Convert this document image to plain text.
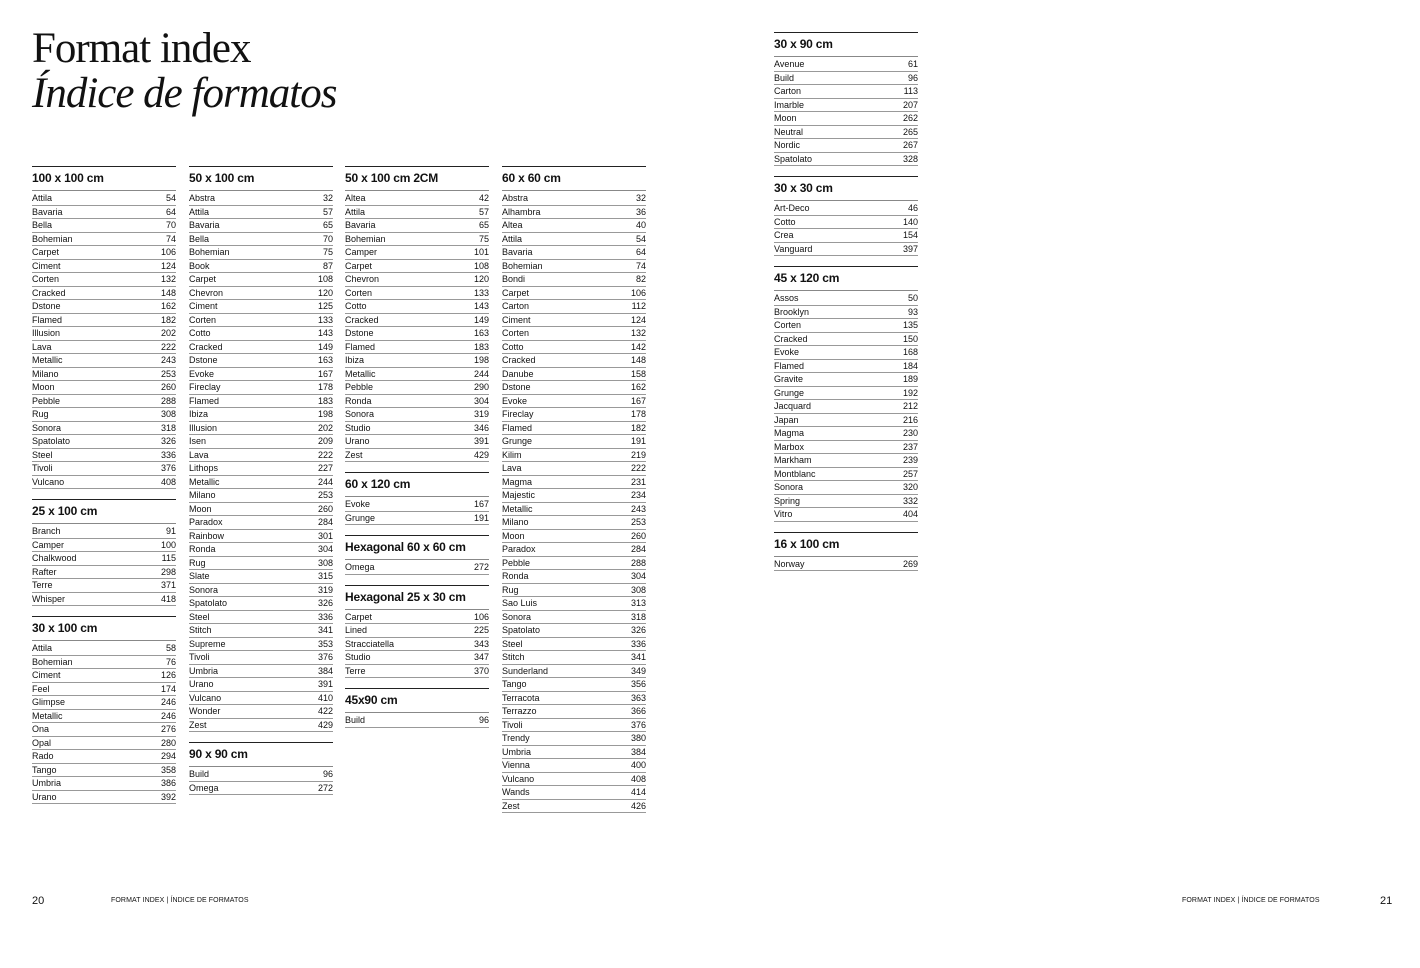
Format index
Índice de formatos
100 x 100 cm
Attila	54
Bavaria	64
Bella	70
Bohemian	74
Carpet	106
Ciment	124
Corten	132
Cracked	148
Dstone	162
Flamed	182
Illusion	202
Lava	222
Metallic	243
Milano	253
Moon	260
Pebble	288
Rug	308
Sonora	318
Spatolato	326
Steel	336
Tivoli	376
Vulcano	408
25 x 100 cm
Branch	91
Camper	100
Chalkwood	115
Rafter	298
Terre	371
Whisper	418
30 x 100 cm
Attila	58
Bohemian	76
Ciment	126
Feel	174
Glimpse	246
Metallic	246
Ona	276
Opal	280
Rado	294
Tango	358
Umbria	386
Urano	392
50 x 100 cm
Abstra	32
Attila	57
Bavaria	65
Bella	70
Bohemian	75
Book	87
Carpet	108
Chevron	120
Ciment	125
Corten	133
Cotto	143
Cracked	149
Dstone	163
Evoke	167
Fireclay	178
Flamed	183
Ibiza	198
Illusion	202
Isen	209
Lava	222
Lithops	227
Metallic	244
Milano	253
Moon	260
Paradox	284
Rainbow	301
Ronda	304
Rug	308
Slate	315
Sonora	319
Spatolato	326
Steel	336
Stitch	341
Supreme	353
Tivoli	376
Umbria	384
Urano	391
Vulcano	410
Wonder	422
Zest	429
90 x 90 cm
Build	96
Omega	272
50 x 100 cm 2CM
Altea	42
Attila	57
Bavaria	65
Bohemian	75
Camper	101
Carpet	108
Chevron	120
Corten	133
Cotto	143
Cracked	149
Dstone	163
Flamed	183
Ibiza	198
Metallic	244
Pebble	290
Ronda	304
Sonora	319
Studio	346
Urano	391
Zest	429
60 x 120 cm
Evoke	167
Grunge	191
Hexagonal 60 x 60 cm
Omega	272
Hexagonal 25 x 30 cm
Carpet	106
Lined	225
Stracciatella	343
Studio	347
Terre	370
45x90 cm
Build	96
60 x 60 cm
Abstra	32
Alhambra	36
Altea	40
Attila	54
Bavaria	64
Bohemian	74
Bondi	82
Carpet	106
Carton	112
Ciment	124
Corten	132
Cotto	142
Cracked	148
Danube	158
Dstone	162
Evoke	167
Fireclay	178
Flamed	182
Grunge	191
Kilim	219
Lava	222
Magma	231
Majestic	234
Metallic	243
Milano	253
Moon	260
Paradox	284
Pebble	288
Ronda	304
Rug	308
Sao Luis	313
Sonora	318
Spatolato	326
Steel	336
Stitch	341
Sunderland	349
Tango	356
Terracota	363
Terrazzo	366
Tivoli	376
Trendy	380
Umbria	384
Vienna	400
Vulcano	408
Wands	414
Zest	426
30 x 90 cm
Avenue	61
Build	96
Carton	113
Imarble	207
Moon	262
Neutral	265
Nordic	267
Spatolato	328
30 x 30 cm
Art-Deco	46
Cotto	140
Crea	154
Vanguard	397
45 x 120 cm
Assos	50
Brooklyn	93
Corten	135
Cracked	150
Evoke	168
Flamed	184
Gravite	189
Grunge	192
Jacquard	212
Japan	216
Magma	230
Marbox	237
Markham	239
Montblanc	257
Sonora	320
Spring	332
Vitro	404
16 x 100 cm
Norway	269
20	FORMAT INDEX | ÍNDICE DE FORMATOS	FORMAT INDEX | ÍNDICE DE FORMATOS	21
